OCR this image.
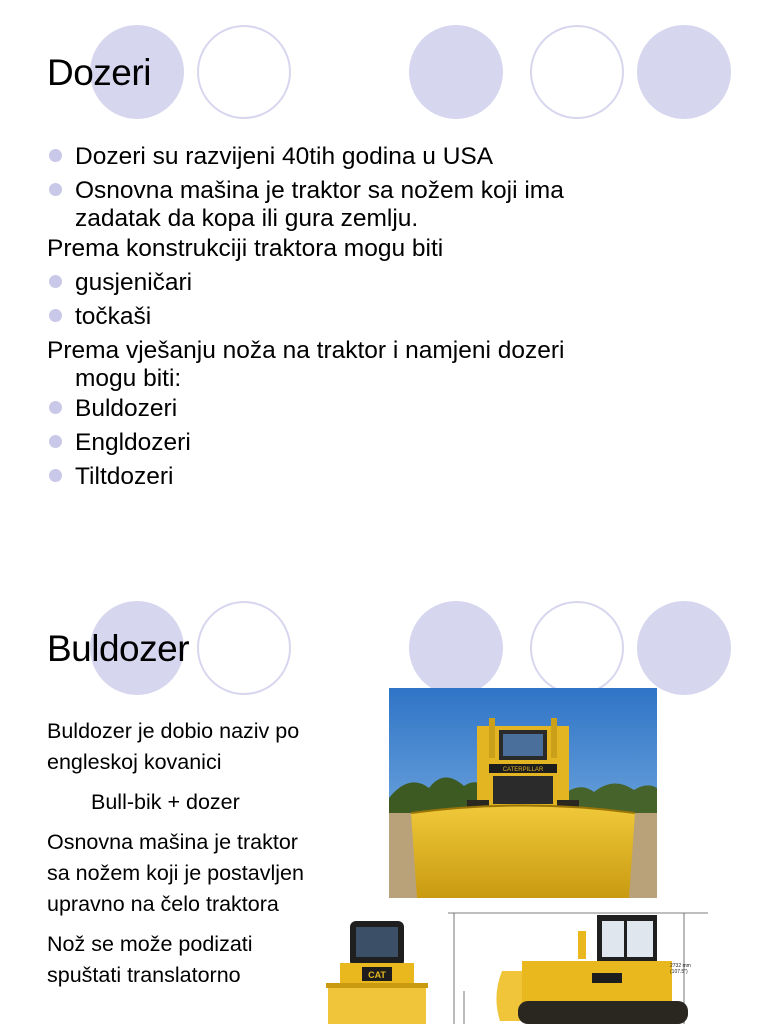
Dozeri
Dozeri su razvijeni 40tih godina u USA
Osnovna mašina je traktor sa nožem koji ima
zadatak da kopa ili gura zemlju.
Prema konstrukciji traktora mogu biti
gusjeničari
točkaši
Prema vješanju noža na traktor i namjeni dozeri
mogu biti:
Buldozeri
Engldozeri
Tiltdozeri
Buldozer

Buldozer je dobio naziv po engleskoj kovanici

Bull-bik + dozer

Osnovna mašina je traktor sa nožem koji je postavljen upravno na čelo traktora

Nož se može podizati spuštati translatorno

CATERPILLAR
CAT
2732 mm
(107.5")
